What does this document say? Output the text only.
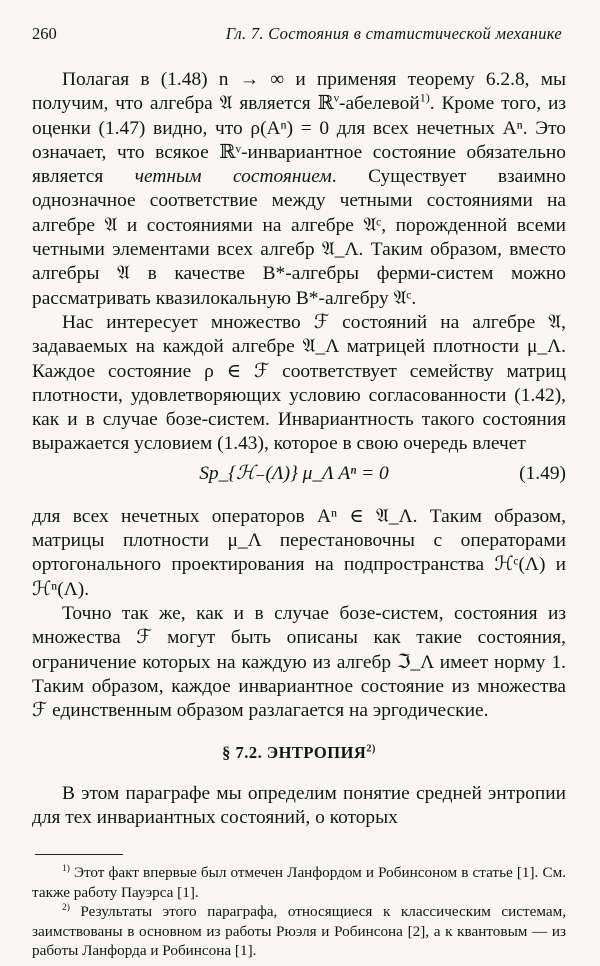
260	Гл. 7. Состояния в статистической механике

Полагая в (1.48) n → ∞ и применяя теорему 6.2.8, мы получим, что алгебра 𝔄 является ℝ$^\nu$-абелевой$^{1)}$. Кроме того, из оценки (1.47) видно, что ρ(Aⁿ) = 0 для всех нечетных Aⁿ. Это означает, что всякое ℝᵛ-инвариантное состояние обязательно является четным состоянием. Существует взаимно однозначное соответствие между четными состояниями на алгебре 𝔄 и состояниями на алгебре 𝔄ᶜ, порожденной всеми четными элементами всех алгебр 𝔄_Λ. Таким образом, вместо алгебры 𝔄 в качестве B*-алгебры ферми-систем можно рассматривать квазилокальную B*-алгебру 𝔄ᶜ.

Нас интересует множество ℱ состояний на алгебре 𝔄, задаваемых на каждой алгебре 𝔄_Λ матрицей плотности μ_Λ. Каждое состояние ρ ∈ ℱ соответствует семейству матриц плотности, удовлетворяющих условию согласованности (1.42), как и в случае бозе-систем. Инвариантность такого состояния выражается условием (1.43), которое в свою очередь влечет

Sp_{ℋ₋(Λ)} μ_Λ Aⁿ = 0	(1.49)

для всех нечетных операторов Aⁿ ∈ 𝔄_Λ. Таким образом, матрицы плотности μ_Λ перестановочны с операторами ортогонального проектирования на подпространства ℋᶜ(Λ) и ℋⁿ(Λ).

Точно так же, как и в случае бозе-систем, состояния из множества ℱ могут быть описаны как такие состояния, ограничение которых на каждую из алгебр ℑ_Λ имеет норму 1. Таким образом, каждое инвариантное состояние из множества ℱ единственным образом разлагается на эргодические.

§ 7.2. ЭНТРОПИЯ$^{2)}$

В этом параграфе мы определим понятие средней энтропии для тех инвариантных состояний, о которых

$^{1)}$ Этот факт впервые был отмечен Ланфордом и Робинсоном в статье [1]. См. также работу Пауэрса [1].

$^{2)}$ Результаты этого параграфа, относящиеся к классическим системам, заимствованы в основном из работы Рюэля и Робинсона [2], а к квантовым — из работы Ланфорда и Робинсона [1].
